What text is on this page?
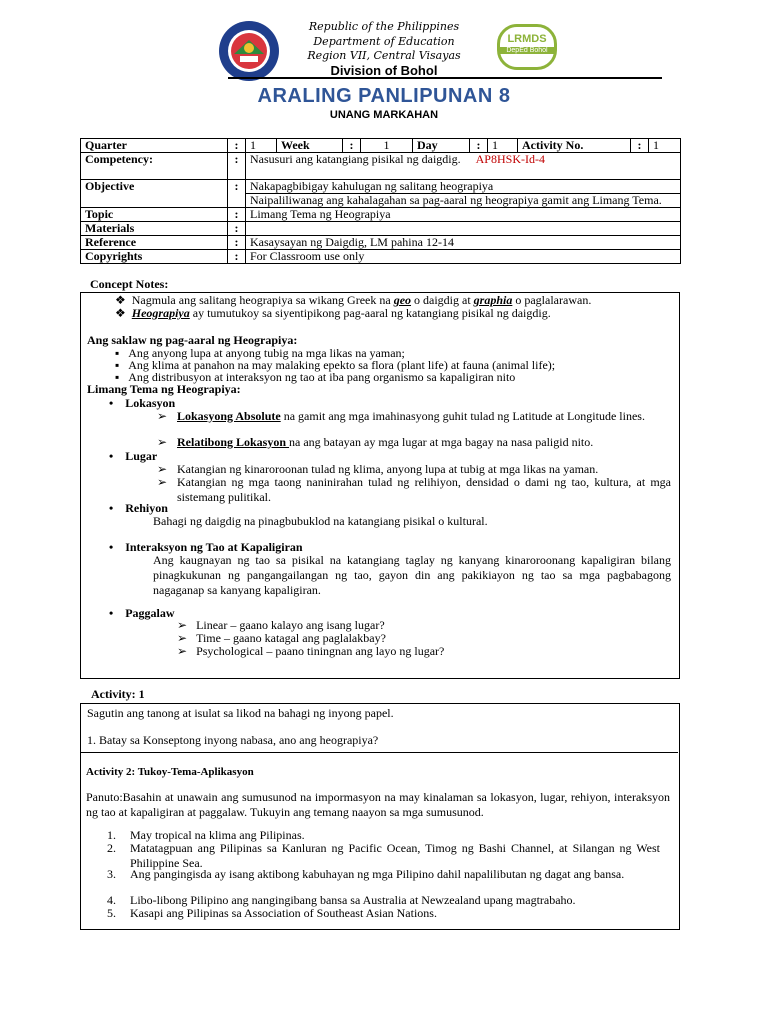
Republic of the Philippines
Department of Education
Region VII, Central Visayas
Division of Bohol
LRMDS
DepEd Bohol
ARALING PANLIPUNAN 8
UNANG MARKAHAN
Quarter	:	1	Week	:	1	Day	:	1	Activity No.	:	1
Competency:	:	Nasusuri ang katangiang pisikal ng daigdig. AP8HSK-Id-4									
Objective	:	Nakapagbibigay kahulugan ng salitang heograpiya
Naipaliliwanag ang kahalagahan sa pag-aaral ng heograpiya gamit ang Limang Tema.									

Topic	:	Limang Tema ng Heograpiya									
Materials	:										
Reference	:	Kasaysayan ng Daigdig, LM pahina 12-14									
Copyrights	:	For Classroom use only									
Concept Notes:
❖ Nagmula ang salitang heograpiya sa wikang Greek na geo o daigdig at graphia o paglalarawan.
❖ Heograpiya ay tumutukoy sa siyentipikong pag-aaral ng katangiang pisikal ng daigdig.
Ang saklaw ng pag-aaral ng Heograpiya:
▪ Ang anyong lupa at anyong tubig na mga likas na yaman;
▪ Ang klima at panahon na may malaking epekto sa flora (plant life) at fauna (animal life);
▪ Ang distribusyon at interaksyon ng tao at iba pang organismo sa kapaligiran nito
Limang Tema ng Heograpiya:
• Lokasyon
➢ Lokasyong Absolute na gamit ang mga imahinasyong guhit tulad ng Latitude at Longitude lines.
➢ Relatibong Lokasyon na ang batayan ay mga lugar at mga bagay na nasa paligid nito.
• Lugar
➢ Katangian ng kinaroroonan tulad ng klima, anyong lupa at tubig at mga likas na yaman.
➢ Katangian ng mga taong naninirahan tulad ng relihiyon, densidad o dami ng tao, kultura, at mga sistemang pulitikal.
• Rehiyon
Bahagi ng daigdig na pinagbubuklod na katangiang pisikal o kultural.
• Interaksyon ng Tao at Kapaligiran
Ang kaugnayan ng tao sa pisikal na katangiang taglay ng kanyang kinaroroonang kapaligiran bilang pinagkukunan ng pangangailangan ng tao, gayon din ang pakikiayon ng tao sa mga pagbabagong nagaganap sa kanyang kapaligiran.
• Paggalaw
➢ Linear – gaano kalayo ang isang lugar?
➢ Time – gaano katagal ang paglalakbay?
➢ Psychological – paano tiningnan ang layo ng lugar?
Activity: 1
Sagutin ang tanong at isulat sa likod na bahagi ng inyong papel.
1. Batay sa Konseptong inyong nabasa, ano ang heograpiya?
Activity 2: Tukoy-Tema-Aplikasyon
Panuto:Basahin at unawain ang sumusunod na impormasyon na may kinalaman sa lokasyon, lugar, rehiyon, interaksyon ng tao at kapaligiran at paggalaw. Tukuyin ang temang naayon sa mga sumusunod.
1. May tropical na klima ang Pilipinas.
2. Matatagpuan ang Pilipinas sa Kanluran ng Pacific Ocean, Timog ng Bashi Channel, at Silangan ng West Philippine Sea.
3. Ang pangingisda ay isang aktibong kabuhayan ng mga Pilipino dahil napalilibutan ng dagat ang bansa.
4. Libo-libong Pilipino ang nangingibang bansa sa Australia at Newzealand upang magtrabaho.
5. Kasapi ang Pilipinas sa Association of Southeast Asian Nations.
